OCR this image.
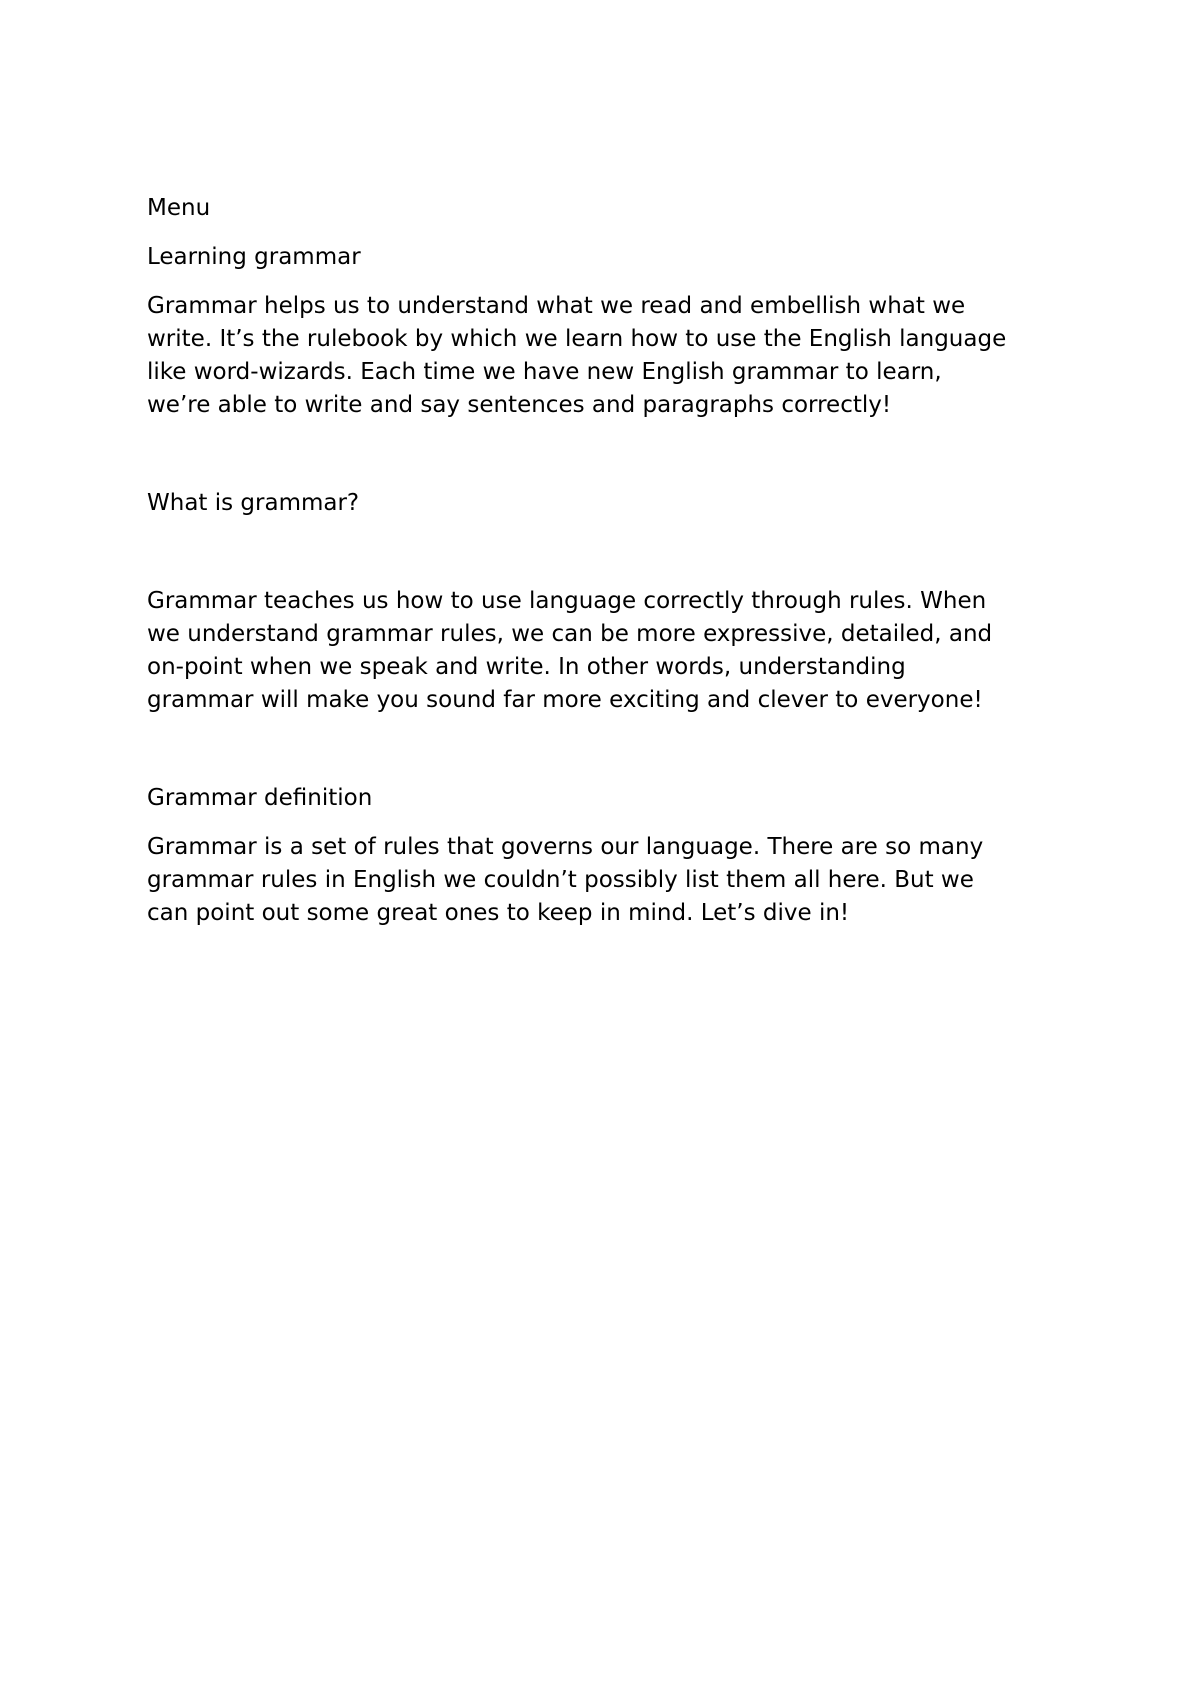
Menu

Learning grammar

Grammar helps us to understand what we read and embellish what we
write. It’s the rulebook by which we learn how to use the English language
like word-wizards. Each time we have new English grammar to learn,
we’re able to write and say sentences and paragraphs correctly!

What is grammar?

Grammar teaches us how to use language correctly through rules. When
we understand grammar rules, we can be more expressive, detailed, and
on-point when we speak and write. In other words, understanding
grammar will make you sound far more exciting and clever to everyone!

Grammar definition

Grammar is a set of rules that governs our language. There are so many
grammar rules in English we couldn’t possibly list them all here. But we
can point out some great ones to keep in mind. Let’s dive in!
